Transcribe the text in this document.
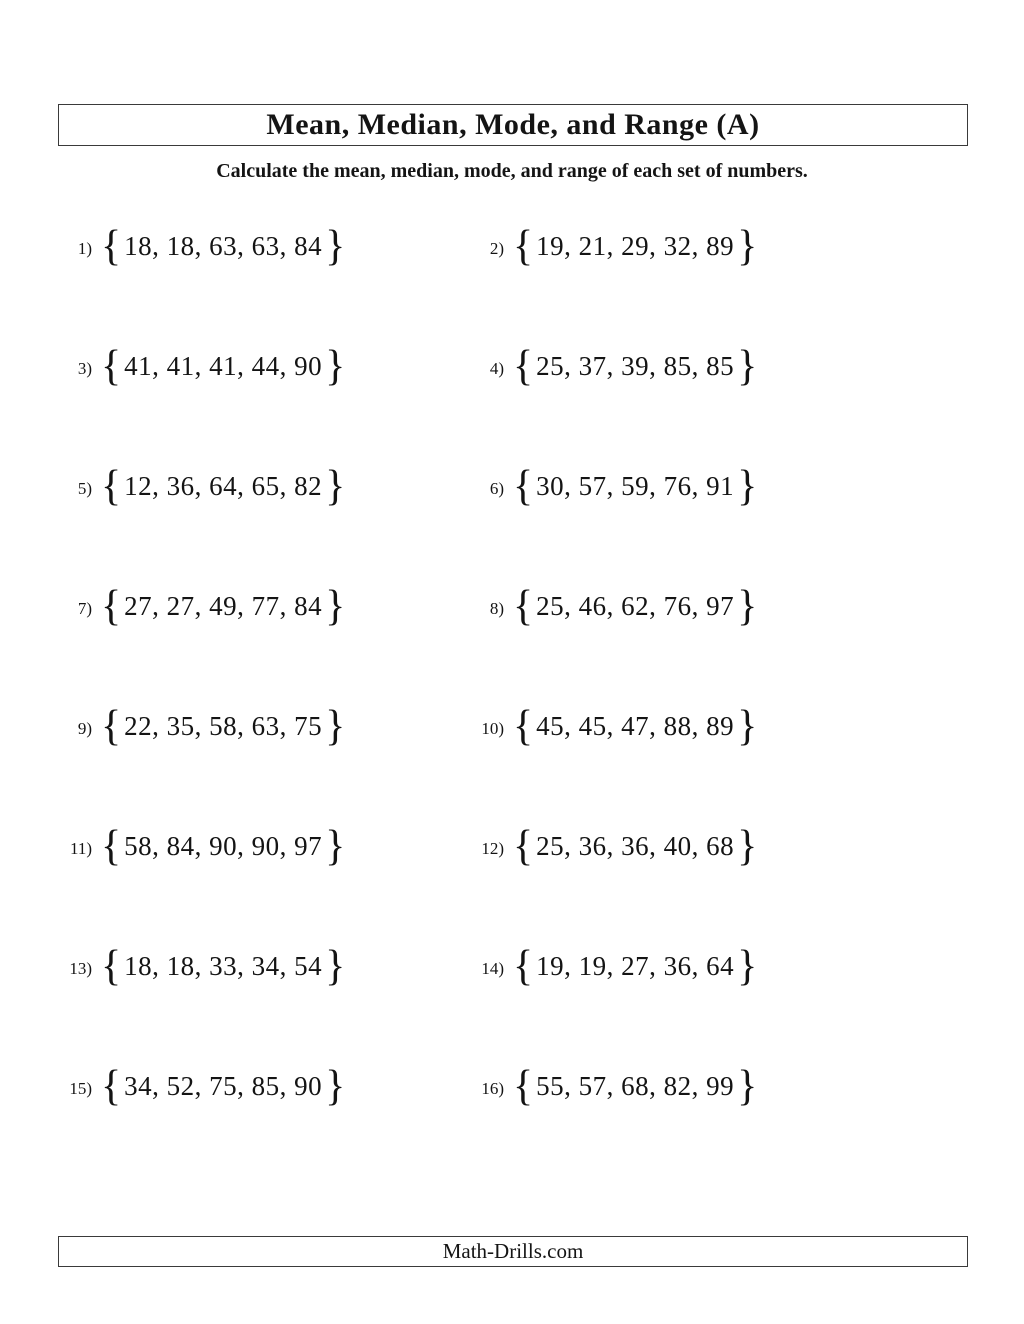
Mean, Median, Mode, and Range (A)

Calculate the mean, median, mode, and range of each set of numbers.

1) { 18, 18, 63, 63, 84 }	2) { 19, 21, 29, 32, 89 }
3) { 41, 41, 41, 44, 90 }	4) { 25, 37, 39, 85, 85 }
5) { 12, 36, 64, 65, 82 }	6) { 30, 57, 59, 76, 91 }
7) { 27, 27, 49, 77, 84 }	8) { 25, 46, 62, 76, 97 }
9) { 22, 35, 58, 63, 75 }	10) { 45, 45, 47, 88, 89 }
11) { 58, 84, 90, 90, 97 }	12) { 25, 36, 36, 40, 68 }
13) { 18, 18, 33, 34, 54 }	14) { 19, 19, 27, 36, 64 }
15) { 34, 52, 75, 85, 90 }	16) { 55, 57, 68, 82, 99 }
Math-Drills.com
